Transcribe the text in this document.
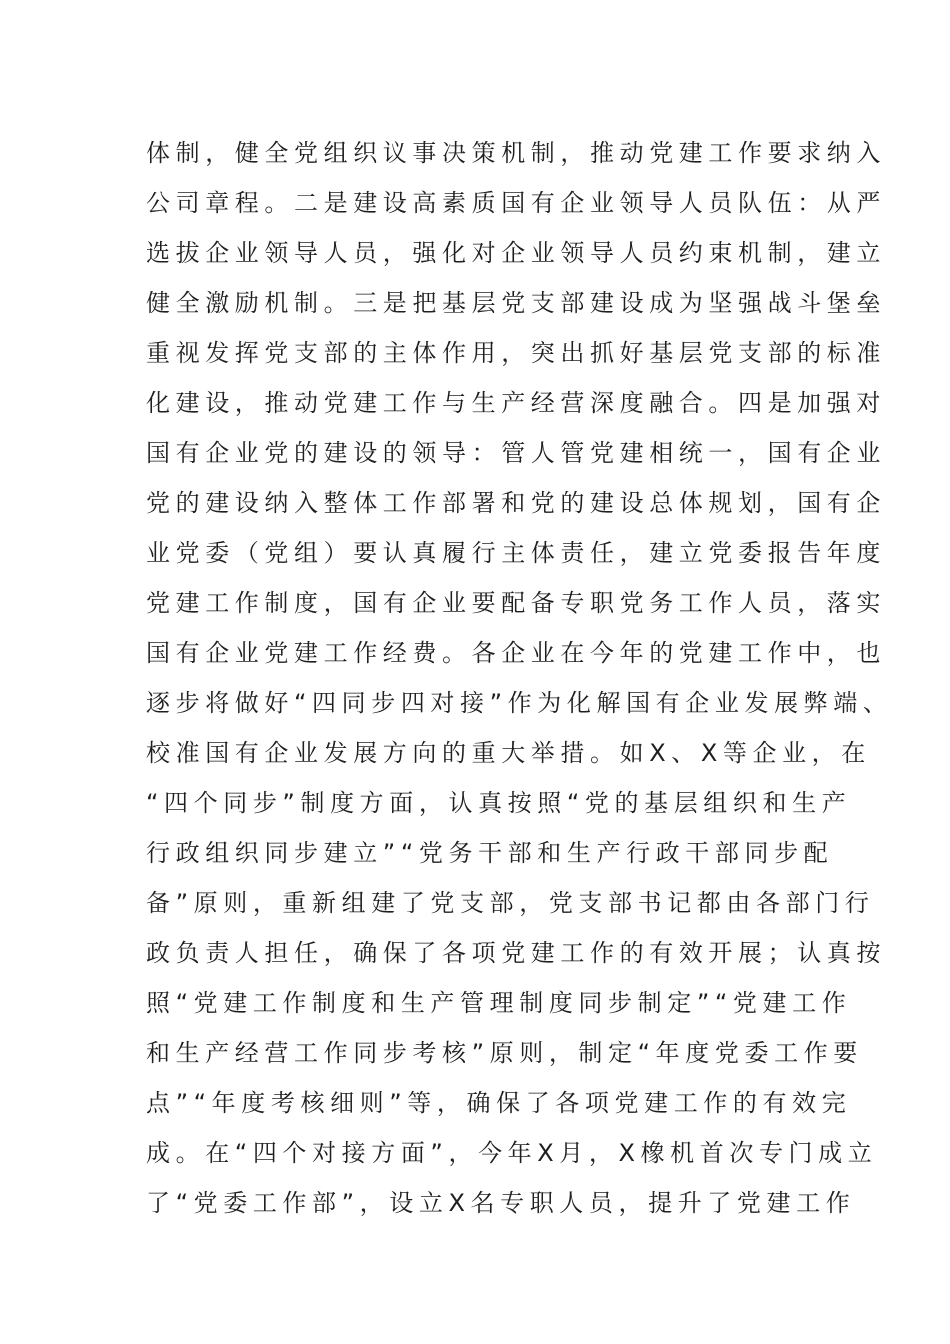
体制，健全党组织议事决策机制，推动党建工作要求纳入
公司章程。二是建设高素质国有企业领导人员队伍：从严
选拔企业领导人员，强化对企业领导人员约束机制，建立
健全激励机制。三是把基层党支部建设成为坚强战斗堡垒
重视发挥党支部的主体作用，突出抓好基层党支部的标准
化建设，推动党建工作与生产经营深度融合。四是加强对
国有企业党的建设的领导：管人管党建相统一，国有企业
党的建设纳入整体工作部署和党的建设总体规划，国有企
业党委（党组）要认真履行主体责任，建立党委报告年度
党建工作制度，国有企业要配备专职党务工作人员，落实
国有企业党建工作经费。各企业在今年的党建工作中，也
逐步将做好“四同步四对接”作为化解国有企业发展弊端、
校准国有企业发展方向的重大举措。如X、X等企业，在
“四个同步”制度方面，认真按照“党的基层组织和生产
行政组织同步建立”“党务干部和生产行政干部同步配
备”原则，重新组建了党支部，党支部书记都由各部门行
政负责人担任，确保了各项党建工作的有效开展；认真按
照“党建工作制度和生产管理制度同步制定”“党建工作
和生产经营工作同步考核”原则，制定“年度党委工作要
点”“年度考核细则”等，确保了各项党建工作的有效完
成。在“四个对接方面”，今年X月，X橡机首次专门成立
了“党委工作部”，设立X名专职人员，提升了党建工作
